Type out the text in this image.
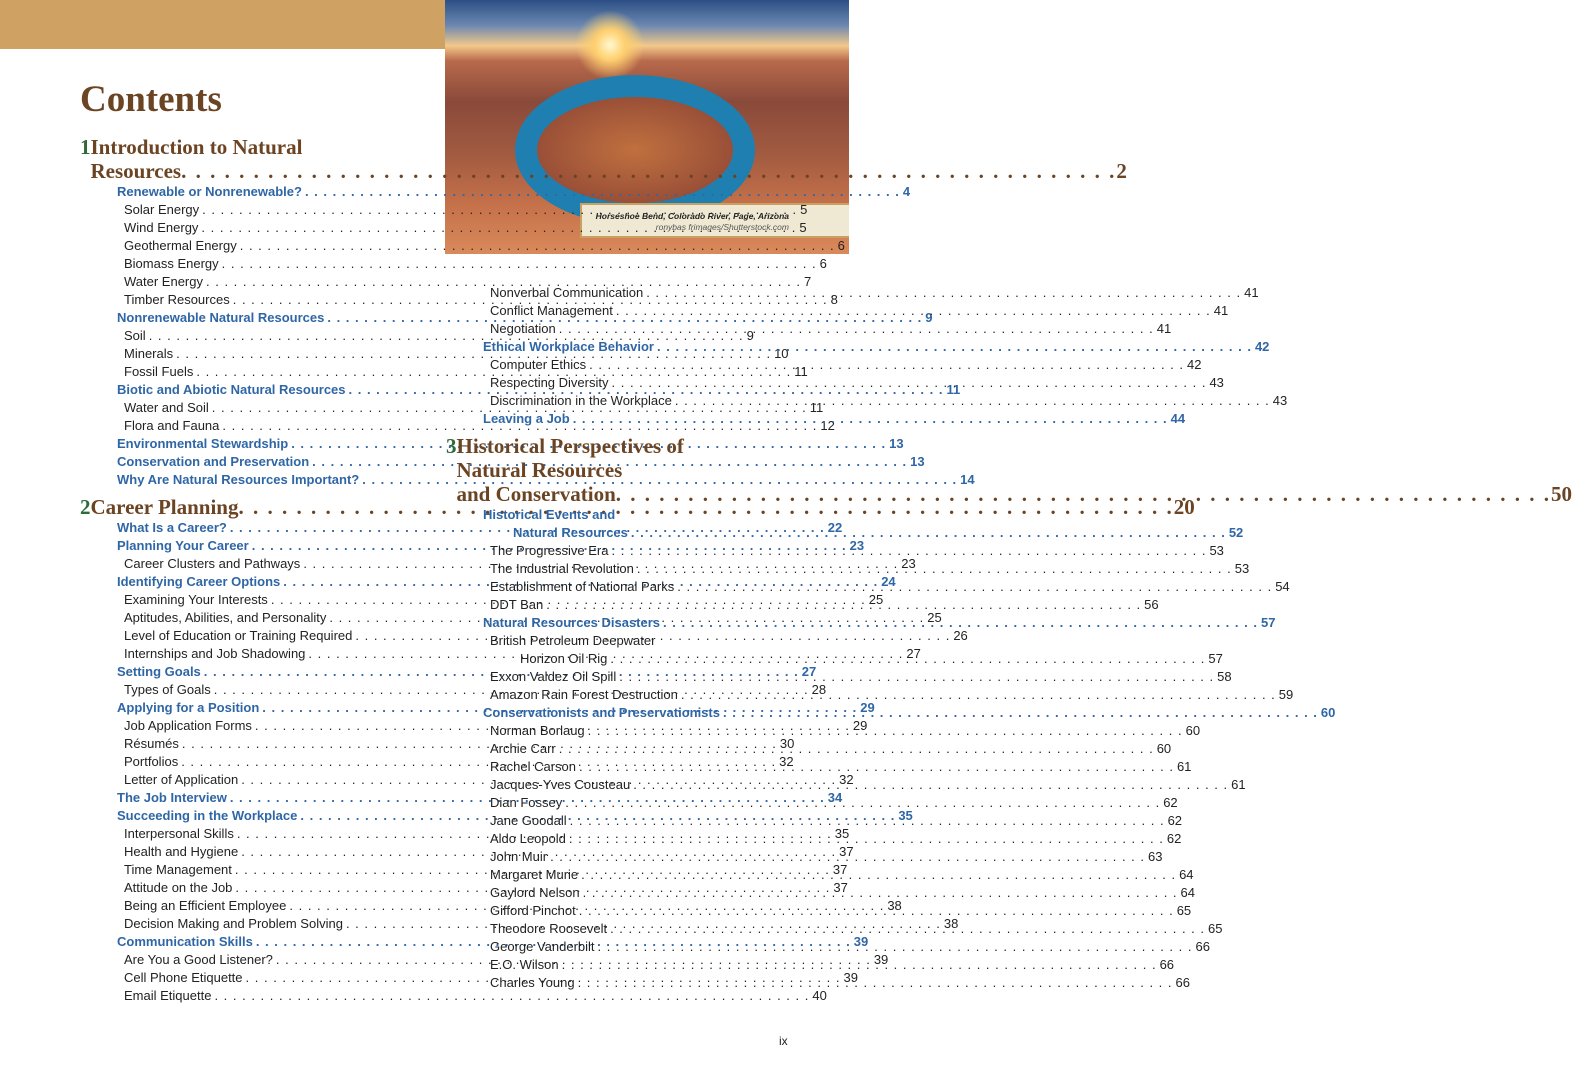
Horseshoe Bend, Colorado River, Page, Arizona
ronybas frimages/Shutterstock.com
Contents
1 Introduction to Natural
Resources . . .	2
Renewable or Nonrenewable? . . .	4
Solar Energy . . .	5
Wind Energy . . .	5
Geothermal Energy . . .	6
Biomass Energy . . .	6
Water Energy . . .	7
Timber Resources . . .	8
Nonrenewable Natural Resources . . .	9
Soil . . .	9
Minerals . . .	10
Fossil Fuels . . .	11
Biotic and Abiotic Natural Resources . . .	11
Water and Soil . . .	11
Flora and Fauna . . .	12
Environmental Stewardship . . .	13
Conservation and Preservation . . .	13
Why Are Natural Resources Important? . . .	14
2 Career Planning . . .	20
What Is a Career? . . .	22
Planning Your Career . . .	23
Career Clusters and Pathways . . .	23
Identifying Career Options . . .	24
Examining Your Interests . . .	25
Aptitudes, Abilities, and Personality . . .	25
Level of Education or Training Required . . .	26
Internships and Job Shadowing . . .	27
Setting Goals . . .	27
Types of Goals . . .	28
Applying for a Position . . .	29
Job Application Forms . . .	29
Résumés . . .	30
Portfolios . . .	32
Letter of Application . . .	32
The Job Interview . . .	34
Succeeding in the Workplace . . .	35
Interpersonal Skills . . .	35
Health and Hygiene . . .	37
Time Management . . .	37
Attitude on the Job . . .	37
Being an Efficient Employee . . .	38
Decision Making and Problem Solving . . .	38
Communication Skills . . .	39
Are You a Good Listener? . . .	39
Cell Phone Etiquette . . .	39
Email Etiquette . . .	40
Nonverbal Communication . . .	41
Conflict Management . . .	41
Negotiation . . .	41
Ethical Workplace Behavior . . .	42
Computer Ethics . . .	42
Respecting Diversity . . .	43
Discrimination in the Workplace . . .	43
Leaving a Job . . .	44
3 Historical Perspectives of
Natural Resources
and Conservation . . .	50
Historical Events and
Natural Resources . . .	52
The Progressive Era . . .	53
The Industrial Revolution . . .	53
Establishment of National Parks . . .	54
DDT Ban . . .	56
Natural Resources Disasters . . .	57
British Petroleum Deepwater
Horizon Oil Rig . . .	57
Exxon Valdez Oil Spill . . .	58
Amazon Rain Forest Destruction . . .	59
Conservationists and Preservationists . . .	60
Norman Borlaug . . .	60
Archie Carr . . .	60
Rachel Carson . . .	61
Jacques-Yves Cousteau . . .	61
Dian Fossey . . .	62
Jane Goodall . . .	62
Aldo Leopold . . .	62
John Muir . . .	63
Margaret Murie . . .	64
Gaylord Nelson . . .	64
Gifford Pinchot . . .	65
Theodore Roosevelt . . .	65
George Vanderbilt . . .	66
E.O. Wilson . . .	66
Charles Young . . .	66
ix
